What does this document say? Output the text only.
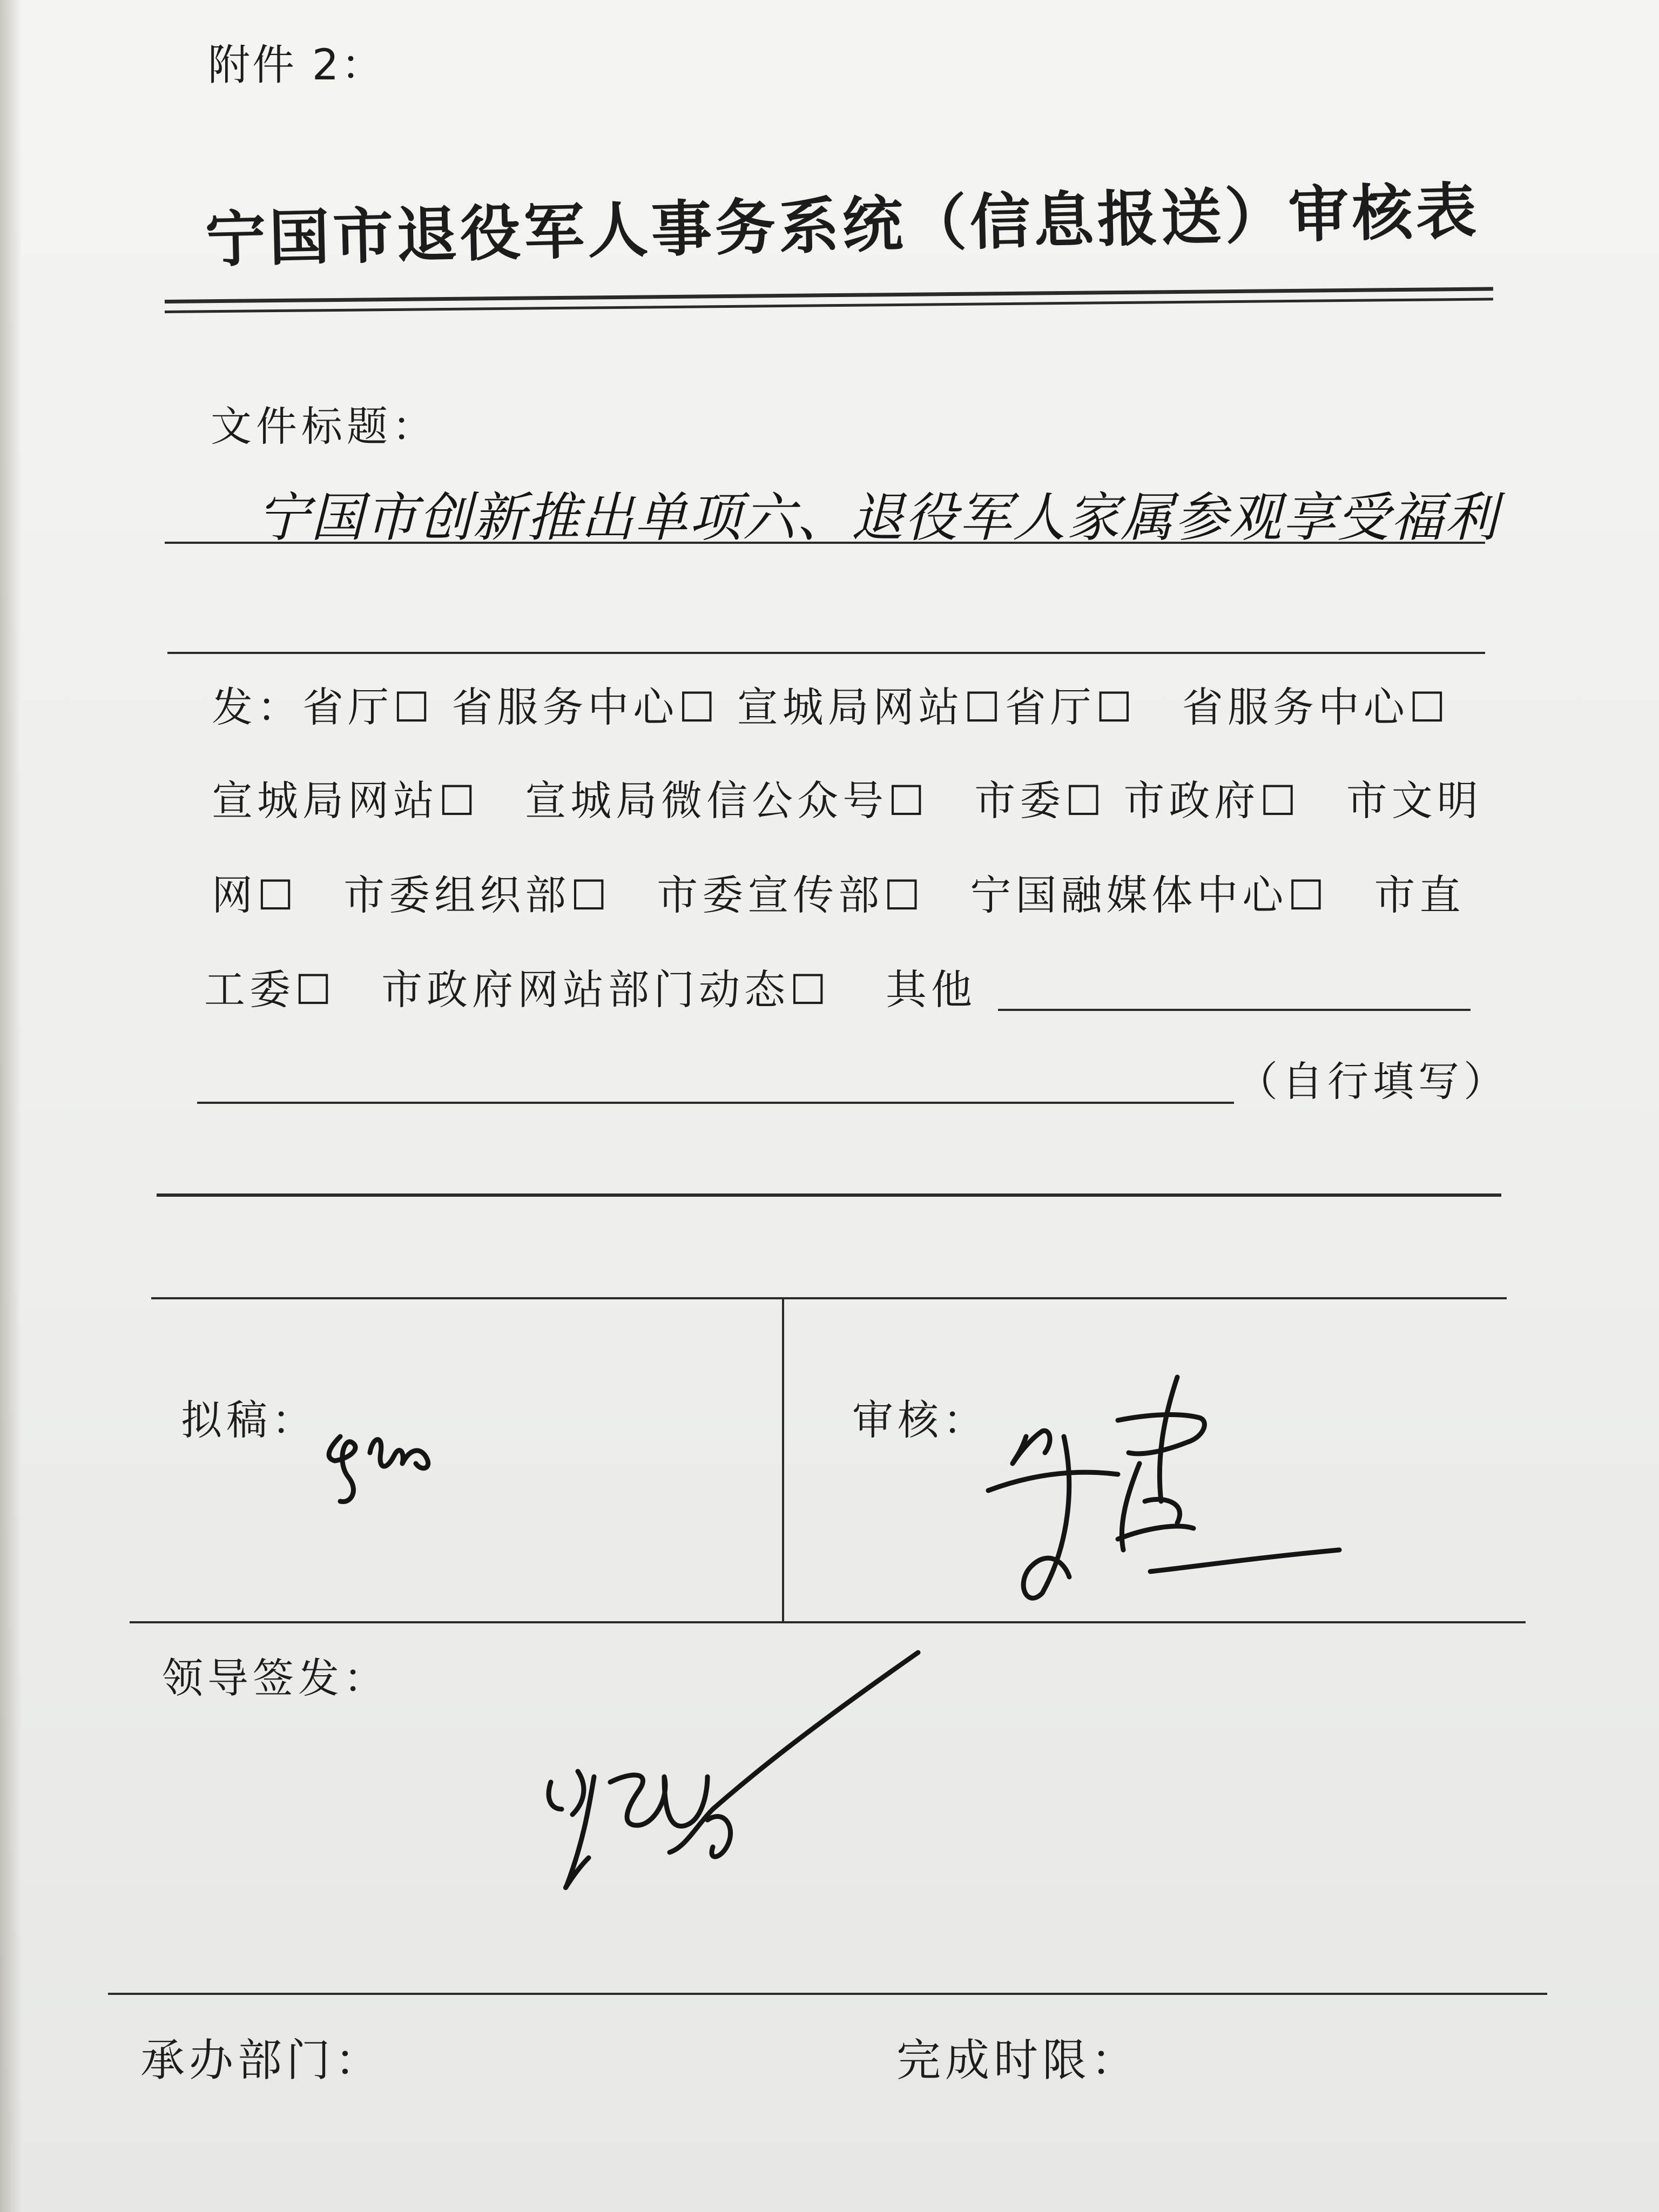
附件 2：
宁国市退役军人事务系统（信息报送）审核表
文件标题：
宁国市创新推出单项六、退役军人家属参观享受福利
发：省厅☐ 省服务中心☐ 宣城局网站☐省厅☐　省服务中心☐
宣城局网站☐　宣城局微信公众号☐　市委☐ 市政府☐　市文明
网☐　市委组织部☐　市委宣传部☐　宁国融媒体中心☐　市直
工委☐　市政府网站部门动态☐ 其他
（自行填写）
拟稿：	审核：
领导签发：
承办部门：	完成时限：
